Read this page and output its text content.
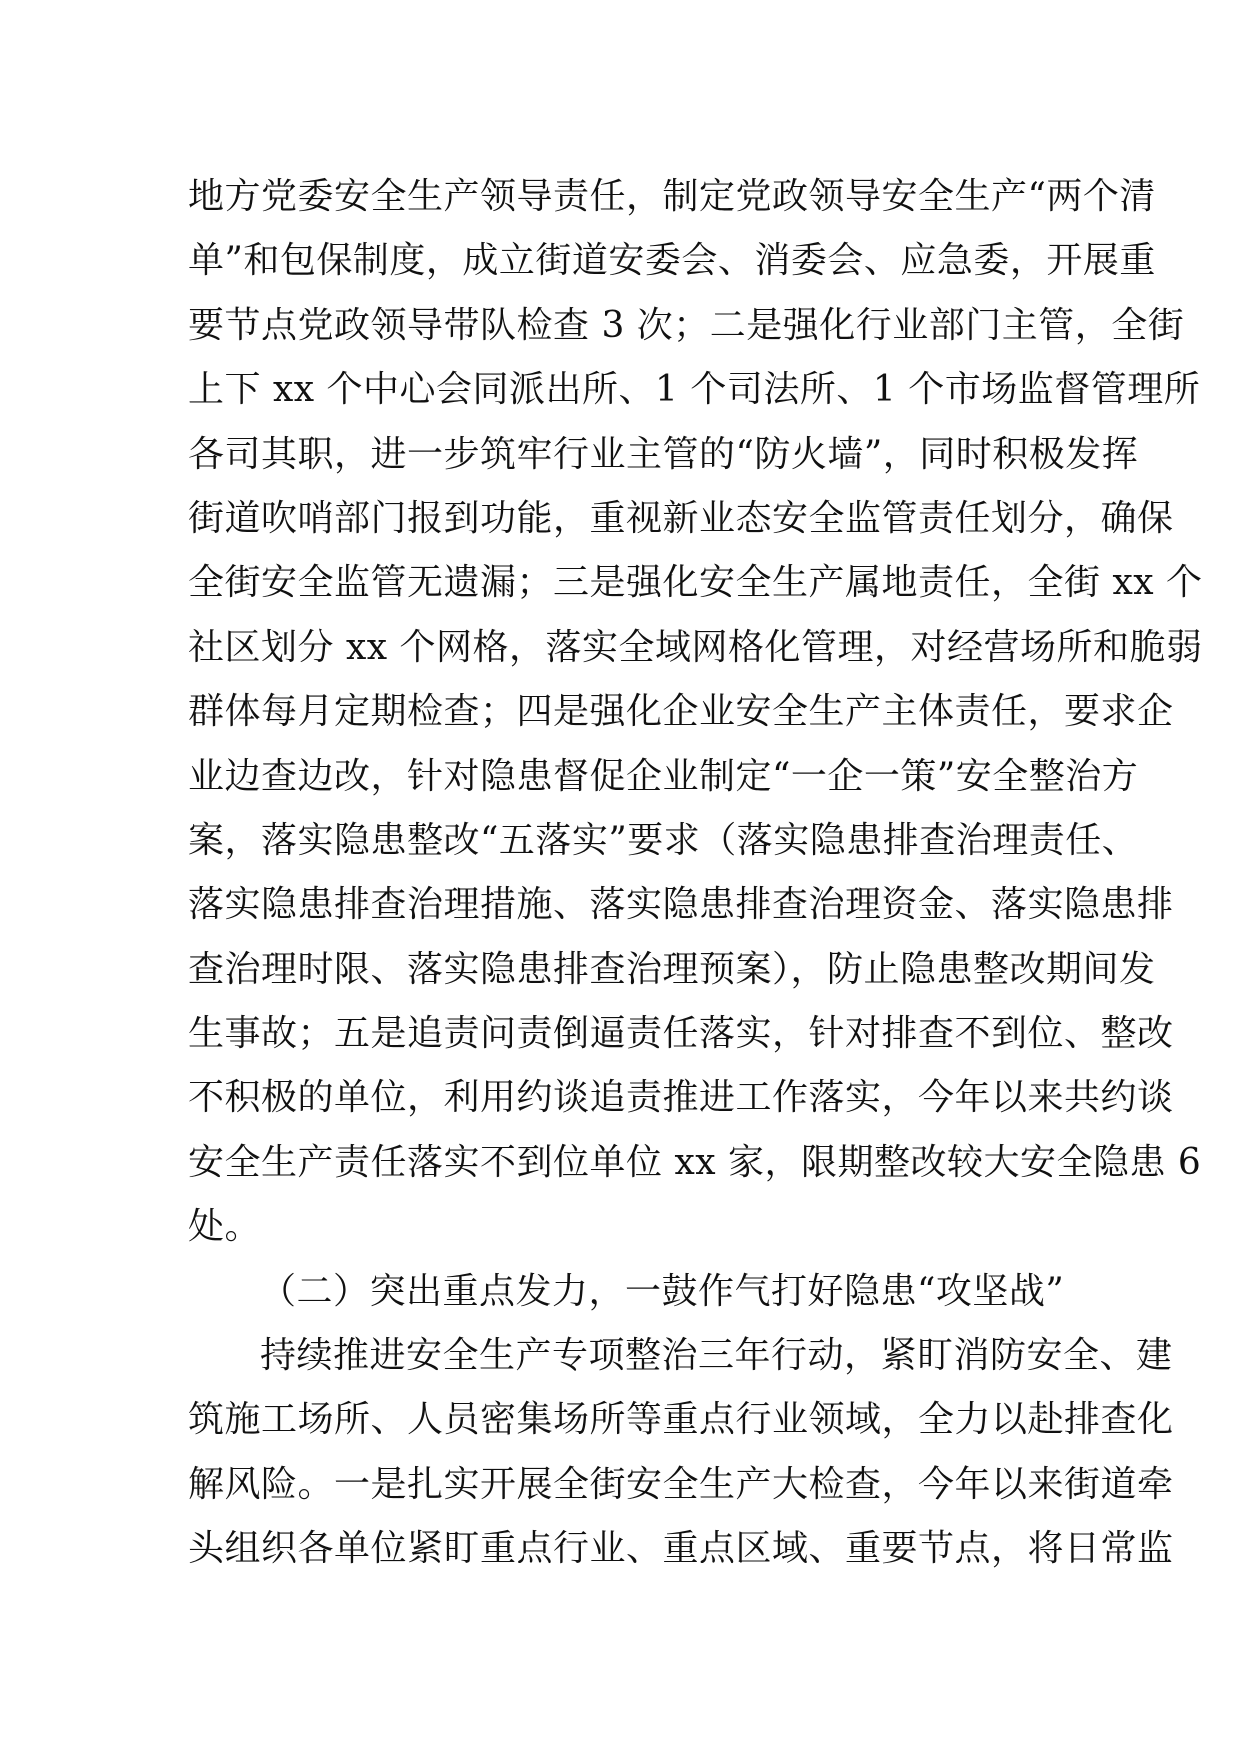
地方党委安全生产领导责任，制定党政领导安全生产“两个清
单”和包保制度，成立街道安委会、消委会、应急委，开展重
要节点党政领导带队检查 3 次；二是强化行业部门主管，全街
上下 xx 个中心会同派出所、1 个司法所、1 个市场监督管理所
各司其职，进一步筑牢行业主管的“防火墙”，同时积极发挥
街道吹哨部门报到功能，重视新业态安全监管责任划分，确保
全街安全监管无遗漏；三是强化安全生产属地责任，全街 xx 个
社区划分 xx 个网格，落实全域网格化管理，对经营场所和脆弱
群体每月定期检查；四是强化企业安全生产主体责任，要求企
业边查边改，针对隐患督促企业制定“一企一策”安全整治方
案，落实隐患整改“五落实”要求（落实隐患排查治理责任、
落实隐患排查治理措施、落实隐患排查治理资金、落实隐患排
查治理时限、落实隐患排查治理预案），防止隐患整改期间发
生事故；五是追责问责倒逼责任落实，针对排查不到位、整改
不积极的单位，利用约谈追责推进工作落实，今年以来共约谈
安全生产责任落实不到位单位 xx 家，限期整改较大安全隐患 6
处。
（二）突出重点发力，一鼓作气打好隐患“攻坚战”
持续推进安全生产专项整治三年行动，紧盯消防安全、建
筑施工场所、人员密集场所等重点行业领域，全力以赴排查化
解风险。一是扎实开展全街安全生产大检查，今年以来街道牵
头组织各单位紧盯重点行业、重点区域、重要节点，将日常监
